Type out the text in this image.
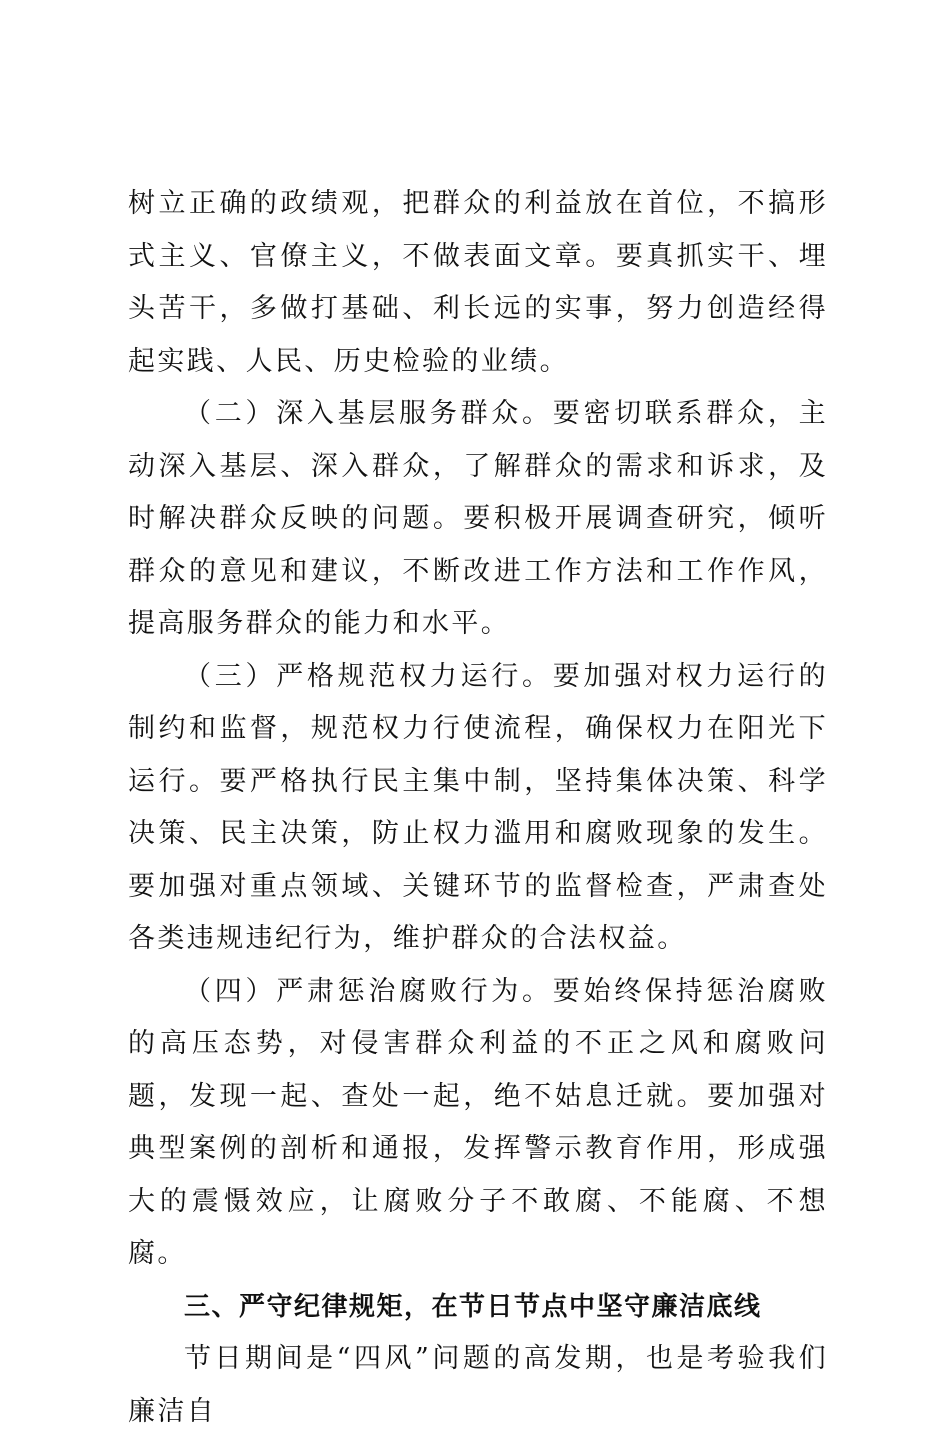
树立正确的政绩观，把群众的利益放在首位，不搞形式主义、官僚主义，不做表面文章。要真抓实干、埋头苦干，多做打基础、利长远的实事，努力创造经得起实践、人民、历史检验的业绩。

（二）深入基层服务群众。要密切联系群众，主动深入基层、深入群众，了解群众的需求和诉求，及时解决群众反映的问题。要积极开展调查研究，倾听群众的意见和建议，不断改进工作方法和工作作风，提高服务群众的能力和水平。

（三）严格规范权力运行。要加强对权力运行的制约和监督，规范权力行使流程，确保权力在阳光下运行。要严格执行民主集中制，坚持集体决策、科学决策、民主决策，防止权力滥用和腐败现象的发生。要加强对重点领域、关键环节的监督检查，严肃查处各类违规违纪行为，维护群众的合法权益。

（四）严肃惩治腐败行为。要始终保持惩治腐败的高压态势，对侵害群众利益的不正之风和腐败问题，发现一起、查处一起，绝不姑息迁就。要加强对典型案例的剖析和通报，发挥警示教育作用，形成强大的震慑效应，让腐败分子不敢腐、不能腐、不想腐。

三、严守纪律规矩，在节日节点中坚守廉洁底线

节日期间是“四风”问题的高发期，也是考验我们廉洁自
